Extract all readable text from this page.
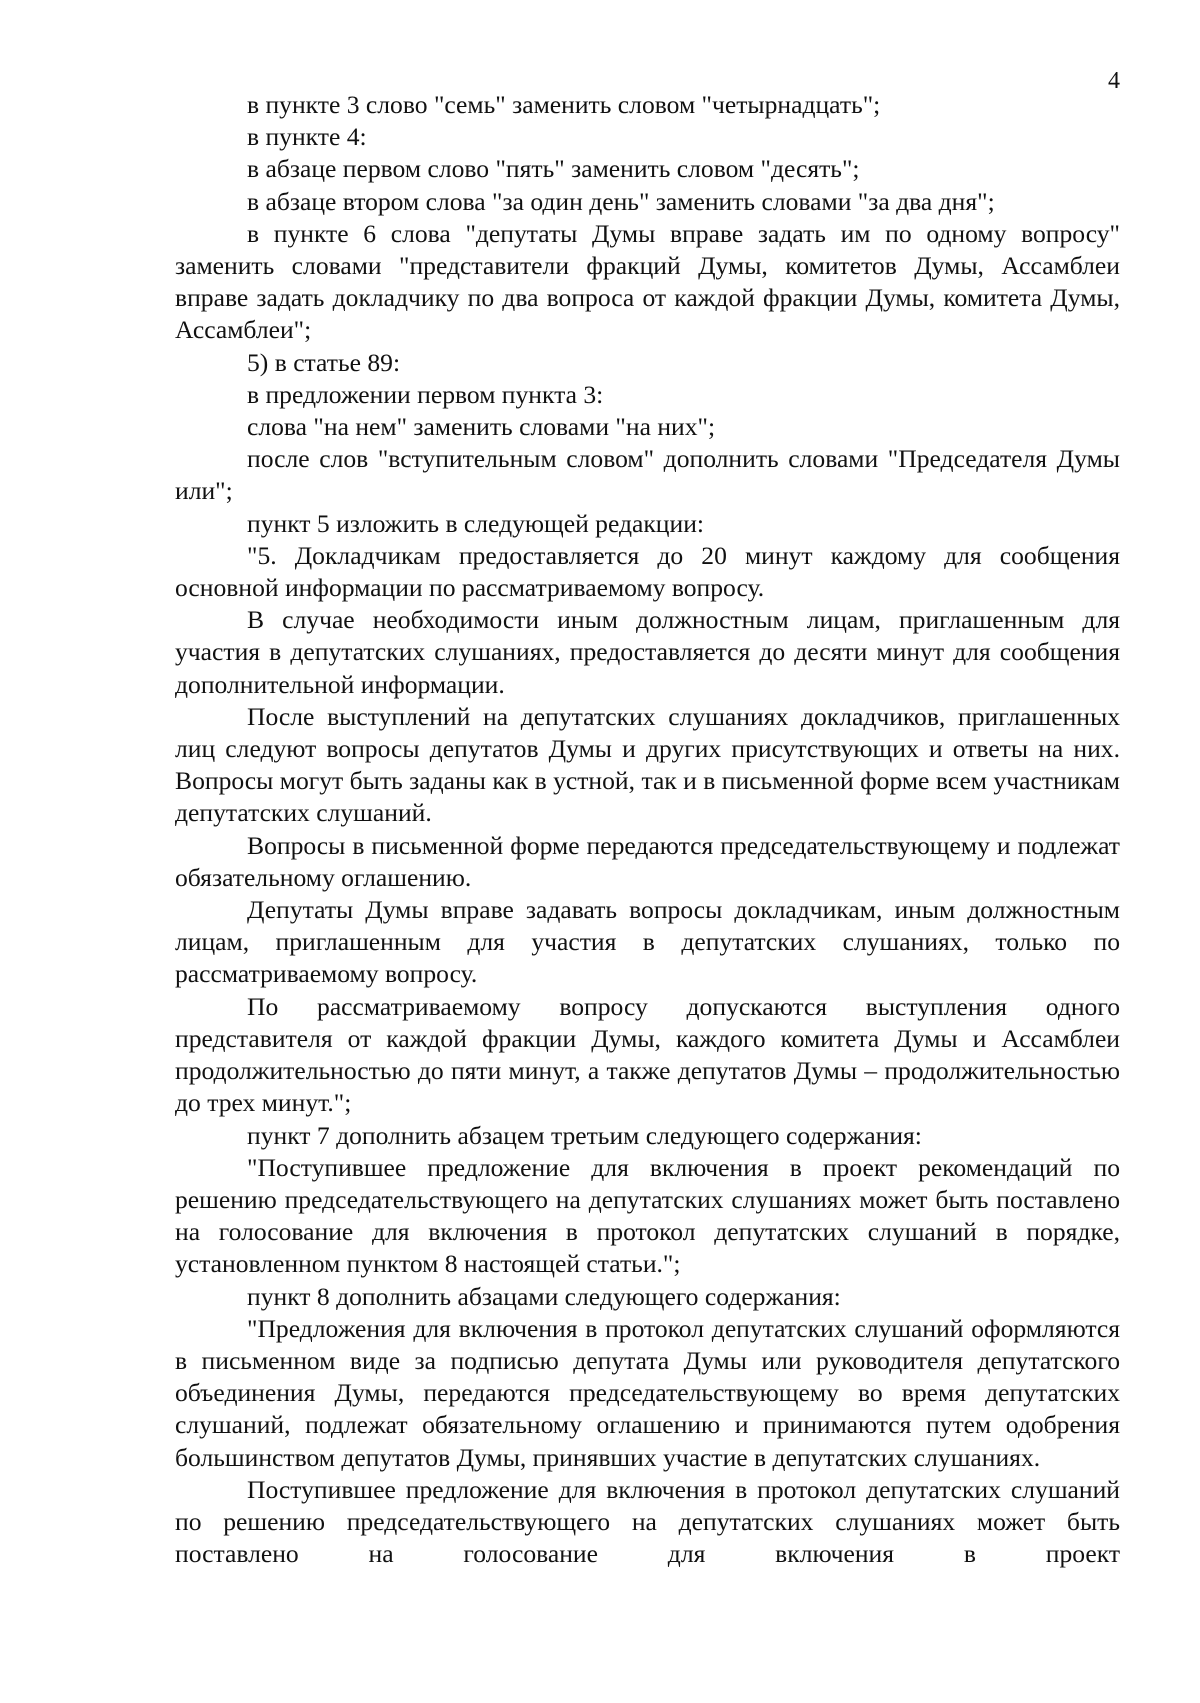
4

в пункте 3 слово "семь" заменить словом "четырнадцать";

в пункте 4:

в абзаце первом слово "пять" заменить словом "десять";

в абзаце втором слова "за один день" заменить словами "за два дня";

в пункте 6 слова "депутаты Думы вправе задать им по одному вопросу" заменить словами "представители фракций Думы, комитетов Думы, Ассамблеи вправе задать докладчику по два вопроса от каждой фракции Думы, комитета Думы, Ассамблеи";

5) в статье 89:

в предложении первом пункта 3:

слова "на нем" заменить словами "на них";

после слов "вступительным словом" дополнить словами "Председателя Думы или";

пункт 5 изложить в следующей редакции:

"5. Докладчикам предоставляется до 20 минут каждому для сообщения основной информации по рассматриваемому вопросу.

В случае необходимости иным должностным лицам, приглашенным для участия в депутатских слушаниях, предоставляется до десяти минут для сообщения дополнительной информации.

После выступлений на депутатских слушаниях докладчиков, приглашенных лиц следуют вопросы депутатов Думы и других присутствующих и ответы на них. Вопросы могут быть заданы как в устной, так и в письменной форме всем участникам депутатских слушаний.

Вопросы в письменной форме передаются председательствующему и подлежат обязательному оглашению.

Депутаты Думы вправе задавать вопросы докладчикам, иным должностным лицам, приглашенным для участия в депутатских слушаниях, только по рассматриваемому вопросу.

По рассматриваемому вопросу допускаются выступления одного представителя от каждой фракции Думы, каждого комитета Думы и Ассамблеи продолжительностью до пяти минут, а также депутатов Думы – продолжительностью до трех минут.";

пункт 7 дополнить абзацем третьим следующего содержания:

"Поступившее предложение для включения в проект рекомендаций по решению председательствующего на депутатских слушаниях может быть поставлено на голосование для включения в протокол депутатских слушаний в порядке, установленном пунктом 8 настоящей статьи.";

пункт 8 дополнить абзацами следующего содержания:

"Предложения для включения в протокол депутатских слушаний оформляются в письменном виде за подписью депутата Думы или руководителя депутатского объединения Думы, передаются председательствующему во время депутатских слушаний, подлежат обязательному оглашению и принимаются путем одобрения большинством депутатов Думы, принявших участие в депутатских слушаниях.

Поступившее предложение для включения в протокол депутатских слушаний по решению председательствующего на депутатских слушаниях может быть поставлено на голосование для включения в проект
